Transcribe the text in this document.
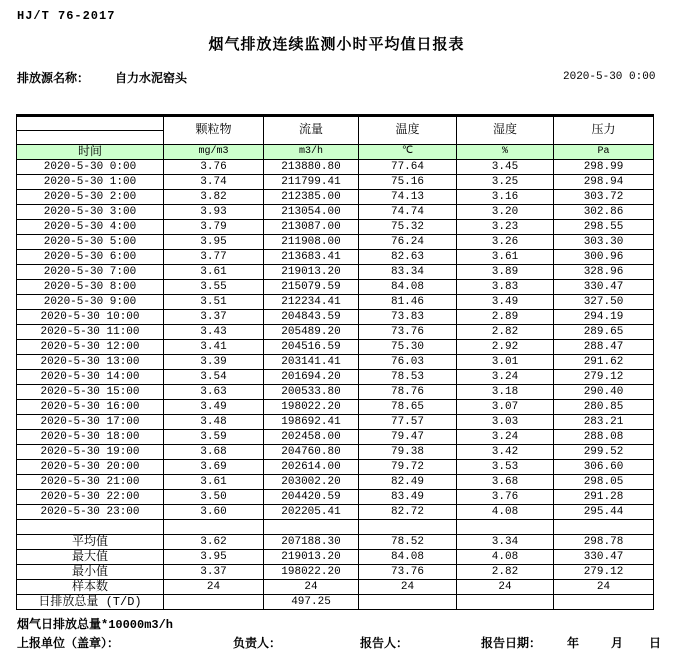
HJ/T 76-2017
烟气排放连续监测小时平均值日报表
排放源名称： 自力水泥窑头	2020-5-30 0:00
	颗粒物	流量	温度	湿度	压力

时间	mg/m3	m3/h	℃	%	Pa
2020-5-30 0:00	3.76	213880.80	77.64	3.45	298.99
2020-5-30 1:00	3.74	211799.41	75.16	3.25	298.94
2020-5-30 2:00	3.82	212385.00	74.13	3.16	303.72
2020-5-30 3:00	3.93	213054.00	74.74	3.20	302.86
2020-5-30 4:00	3.79	213087.00	75.32	3.23	298.55
2020-5-30 5:00	3.95	211908.00	76.24	3.26	303.30
2020-5-30 6:00	3.77	213683.41	82.63	3.61	300.96
2020-5-30 7:00	3.61	219013.20	83.34	3.89	328.96
2020-5-30 8:00	3.55	215079.59	84.08	3.83	330.47
2020-5-30 9:00	3.51	212234.41	81.46	3.49	327.50
2020-5-30 10:00	3.37	204843.59	73.83	2.89	294.19
2020-5-30 11:00	3.43	205489.20	73.76	2.82	289.65
2020-5-30 12:00	3.41	204516.59	75.30	2.92	288.47
2020-5-30 13:00	3.39	203141.41	76.03	3.01	291.62
2020-5-30 14:00	3.54	201694.20	78.53	3.24	279.12
2020-5-30 15:00	3.63	200533.80	78.76	3.18	290.40
2020-5-30 16:00	3.49	198022.20	78.65	3.07	280.85
2020-5-30 17:00	3.48	198692.41	77.57	3.03	283.21
2020-5-30 18:00	3.59	202458.00	79.47	3.24	288.08
2020-5-30 19:00	3.68	204760.80	79.38	3.42	299.52
2020-5-30 20:00	3.69	202614.00	79.72	3.53	306.60
2020-5-30 21:00	3.61	203002.20	82.49	3.68	298.05
2020-5-30 22:00	3.50	204420.59	83.49	3.76	291.28
2020-5-30 23:00	3.60	202205.41	82.72	4.08	295.44

平均值	3.62	207188.30	78.52	3.34	298.78
最大值	3.95	219013.20	84.08	4.08	330.47
最小值	3.37	198022.20	73.76	2.82	279.12
样本数	24	24	24	24	24
日排放总量 (T/D)		497.25			
烟气日排放总量*10000m3/h
上报单位（盖章）：	负责人：	报告人：	报告日期： 年	月 日
